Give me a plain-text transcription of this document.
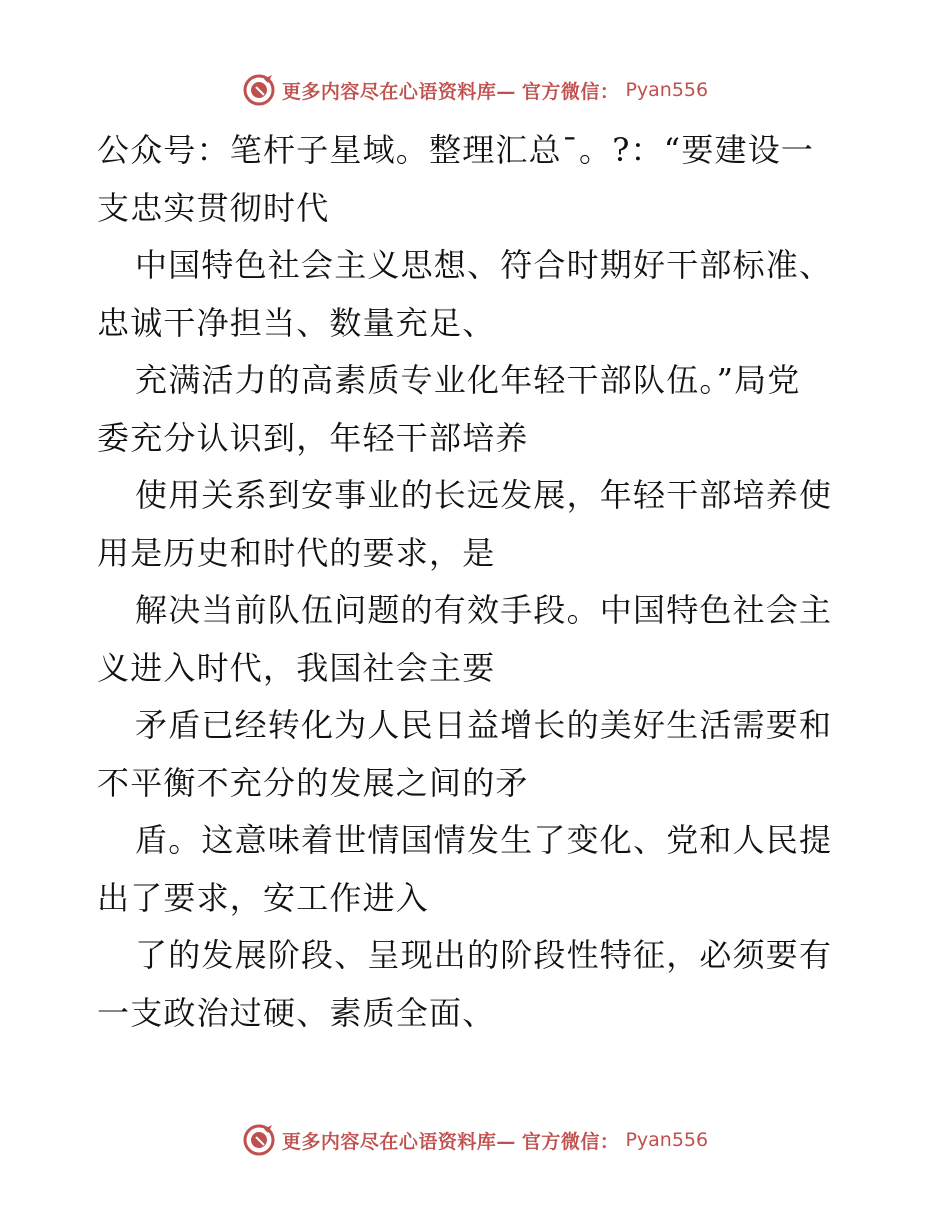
更多内容尽在心语资料库— 官方微信： Pyan556

公众号：笔杆子星域。整理汇总¯。?：“要建设一

支忠实贯彻时代

中国特色社会主义思想、符合时期好干部标准、

忠诚干净担当、数量充足、

充满活力的高素质专业化年轻干部队伍。”局党

委充分认识到，年轻干部培养

使用关系到安事业的长远发展，年轻干部培养使

用是历史和时代的要求，是

解决当前队伍问题的有效手段。中国特色社会主

义进入时代，我国社会主要

矛盾已经转化为人民日益增长的美好生活需要和

不平衡不充分的发展之间的矛

盾。这意味着世情国情发生了变化、党和人民提

出了要求，安工作进入

了的发展阶段、呈现出的阶段性特征，必须要有

一支政治过硬、素质全面、

更多内容尽在心语资料库— 官方微信： Pyan556
